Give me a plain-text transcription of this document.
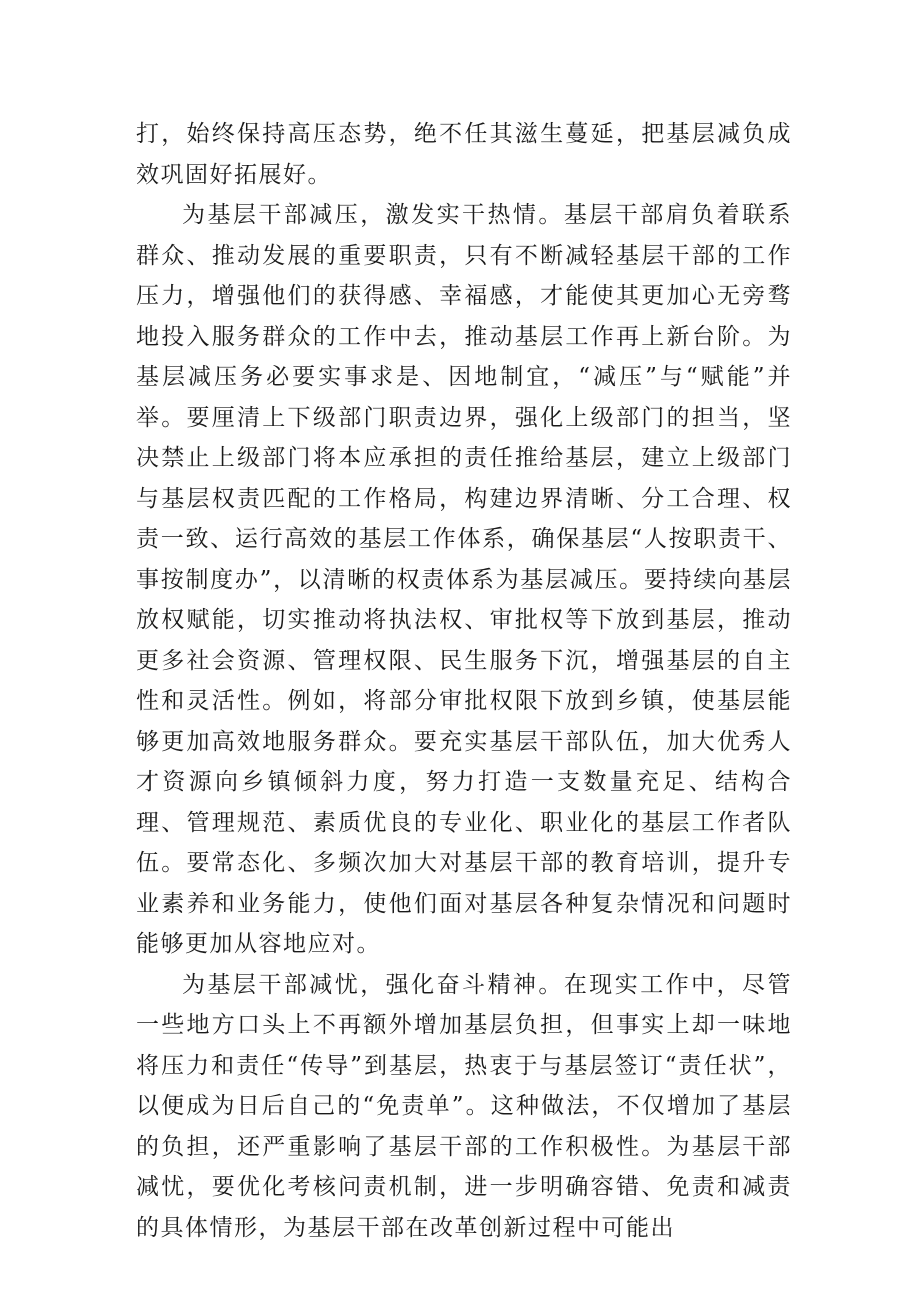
打，始终保持高压态势，绝不任其滋生蔓延，把基层减负成效巩固好拓展好。

为基层干部减压，激发实干热情。基层干部肩负着联系群众、推动发展的重要职责，只有不断减轻基层干部的工作压力，增强他们的获得感、幸福感，才能使其更加心无旁骛地投入服务群众的工作中去，推动基层工作再上新台阶。为基层减压务必要实事求是、因地制宜，“减压”与“赋能”并举。要厘清上下级部门职责边界，强化上级部门的担当，坚决禁止上级部门将本应承担的责任推给基层，建立上级部门与基层权责匹配的工作格局，构建边界清晰、分工合理、权责一致、运行高效的基层工作体系，确保基层“人按职责干、事按制度办”，以清晰的权责体系为基层减压。要持续向基层放权赋能，切实推动将执法权、审批权等下放到基层，推动更多社会资源、管理权限、民生服务下沉，增强基层的自主性和灵活性。例如，将部分审批权限下放到乡镇，使基层能够更加高效地服务群众。要充实基层干部队伍，加大优秀人才资源向乡镇倾斜力度，努力打造一支数量充足、结构合理、管理规范、素质优良的专业化、职业化的基层工作者队伍。要常态化、多频次加大对基层干部的教育培训，提升专业素养和业务能力，使他们面对基层各种复杂情况和问题时能够更加从容地应对。

为基层干部减忧，强化奋斗精神。在现实工作中，尽管一些地方口头上不再额外增加基层负担，但事实上却一味地将压力和责任“传导”到基层，热衷于与基层签订“责任状”，以便成为日后自己的“免责单”。这种做法，不仅增加了基层的负担，还严重影响了基层干部的工作积极性。为基层干部减忧，要优化考核问责机制，进一步明确容错、免责和减责的具体情形，为基层干部在改革创新过程中可能出
